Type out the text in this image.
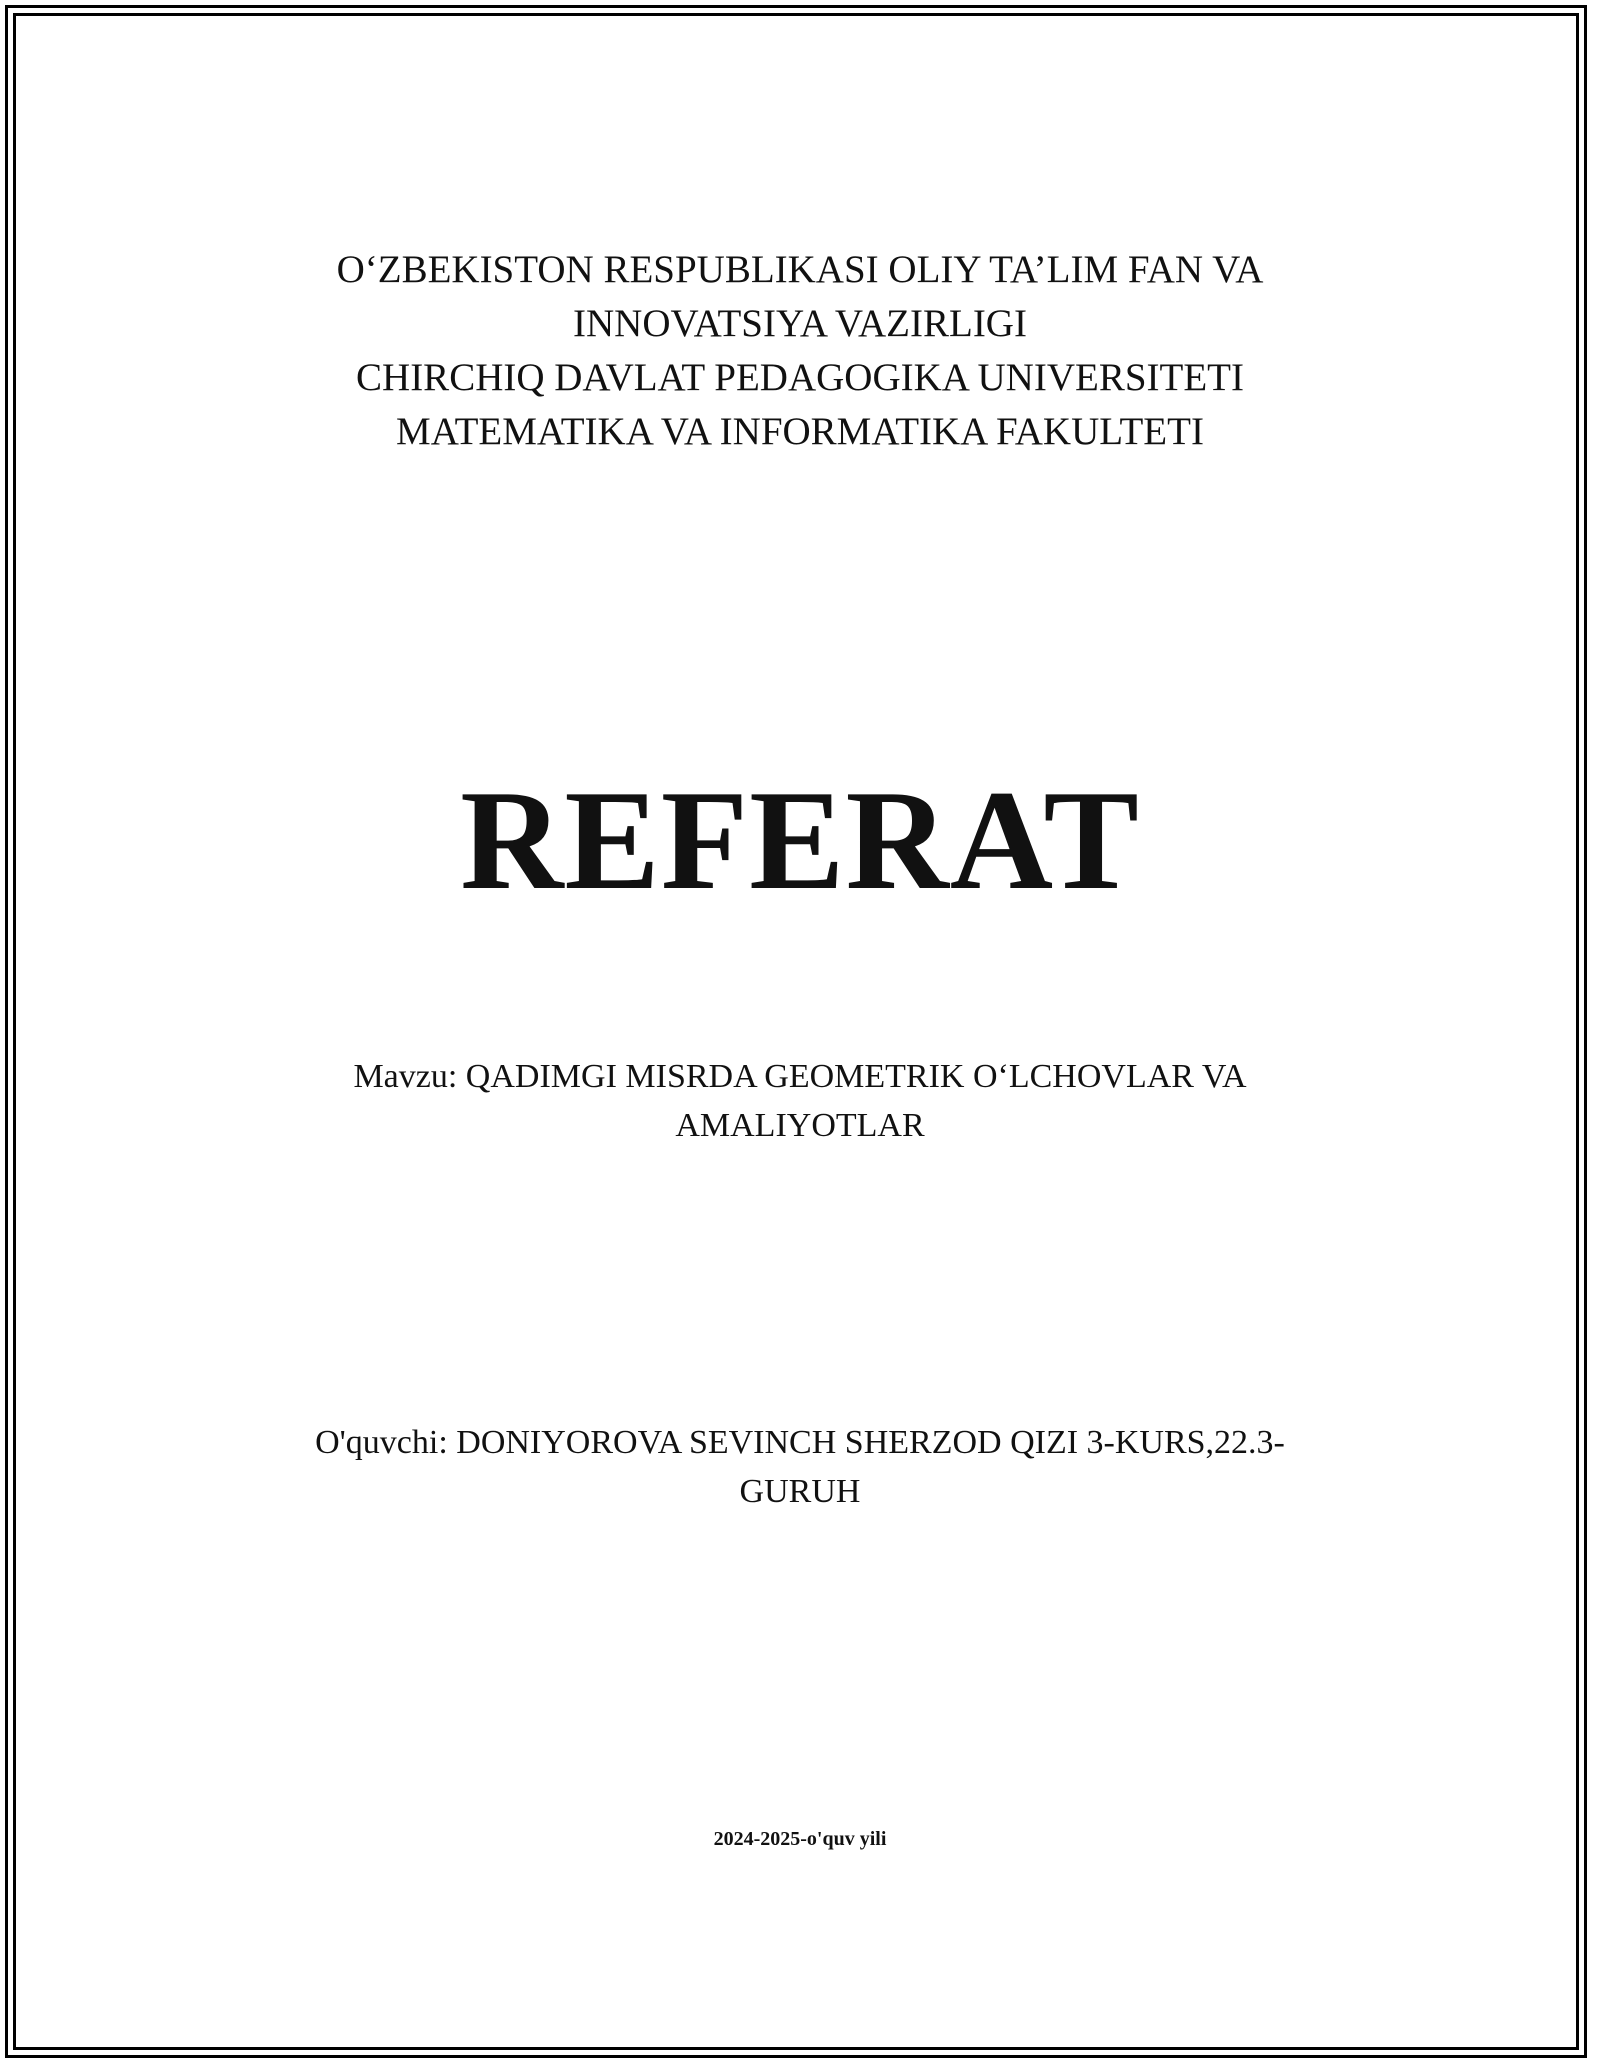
O‘ZBEKISTON RESPUBLIKASI OLIY TA’LIM FAN VA
INNOVATSIYA VAZIRLIGI
CHIRCHIQ DAVLAT PEDAGOGIKA UNIVERSITETI
MATEMATIKA VA INFORMATIKA FAKULTETI
REFERAT
Mavzu: QADIMGI MISRDA GEOMETRIK O‘LCHOVLAR VA
AMALIYOTLAR
O'quvchi: DONIYOROVA SEVINCH SHERZOD QIZI 3-KURS,22.3-
GURUH
2024-2025-o'quv yili
